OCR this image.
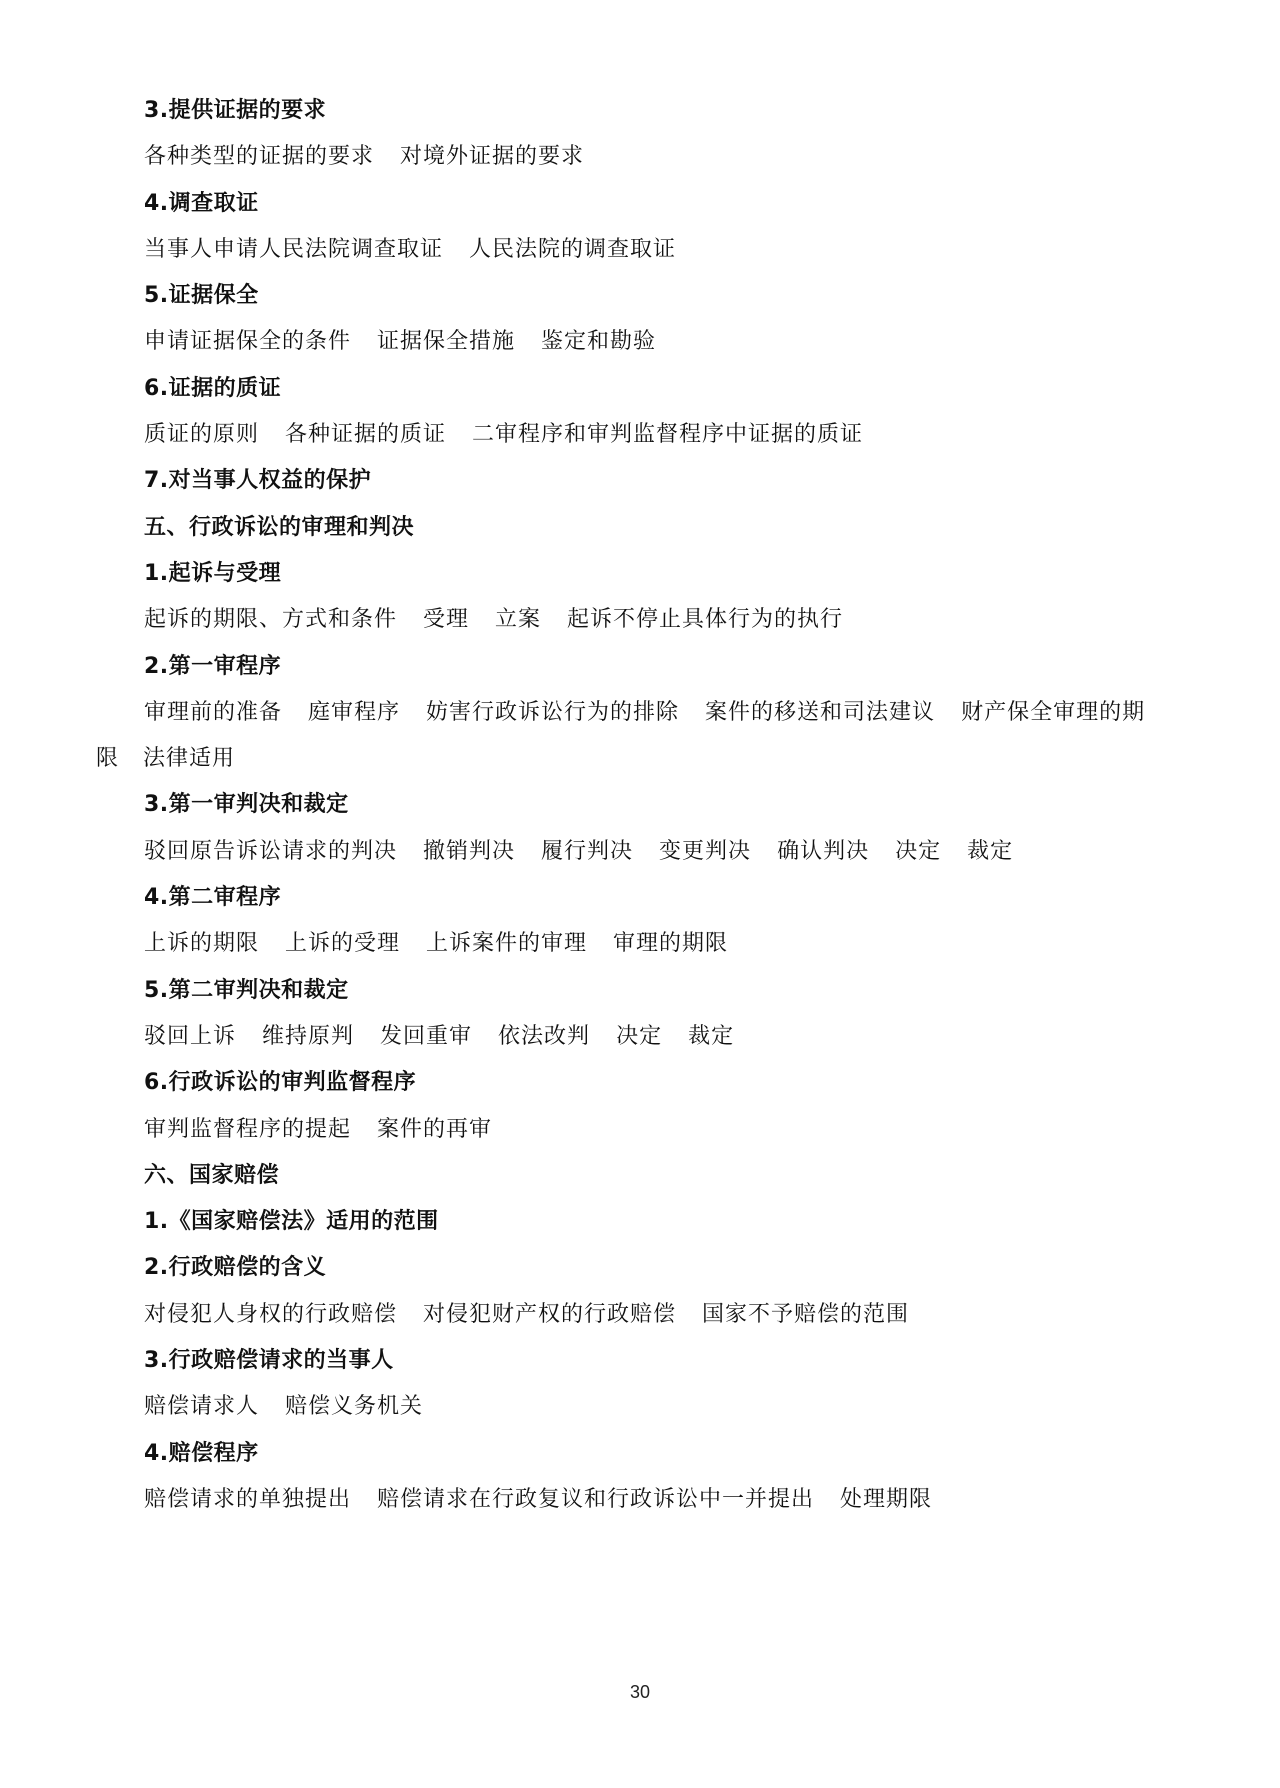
3.提供证据的要求
各种类型的证据的要求 对境外证据的要求
4.调查取证
当事人申请人民法院调查取证 人民法院的调查取证
5.证据保全
申请证据保全的条件 证据保全措施 鉴定和勘验
6.证据的质证
质证的原则 各种证据的质证 二审程序和审判监督程序中证据的质证
7.对当事人权益的保护
五、行政诉讼的审理和判决
1.起诉与受理
起诉的期限、方式和条件 受理 立案 起诉不停止具体行为的执行
2.第一审程序
审理前的准备 庭审程序 妨害行政诉讼行为的排除 案件的移送和司法建议 财产保全审理的期
限 法律适用
3.第一审判决和裁定
驳回原告诉讼请求的判决 撤销判决 履行判决 变更判决 确认判决 决定 裁定
4.第二审程序
上诉的期限 上诉的受理 上诉案件的审理 审理的期限
5.第二审判决和裁定
驳回上诉 维持原判 发回重审 依法改判 决定 裁定
6.行政诉讼的审判监督程序
审判监督程序的提起 案件的再审
六、国家赔偿
1.《国家赔偿法》适用的范围
2.行政赔偿的含义
对侵犯人身权的行政赔偿 对侵犯财产权的行政赔偿 国家不予赔偿的范围
3.行政赔偿请求的当事人
赔偿请求人 赔偿义务机关
4.赔偿程序
赔偿请求的单独提出 赔偿请求在行政复议和行政诉讼中一并提出 处理期限
30
